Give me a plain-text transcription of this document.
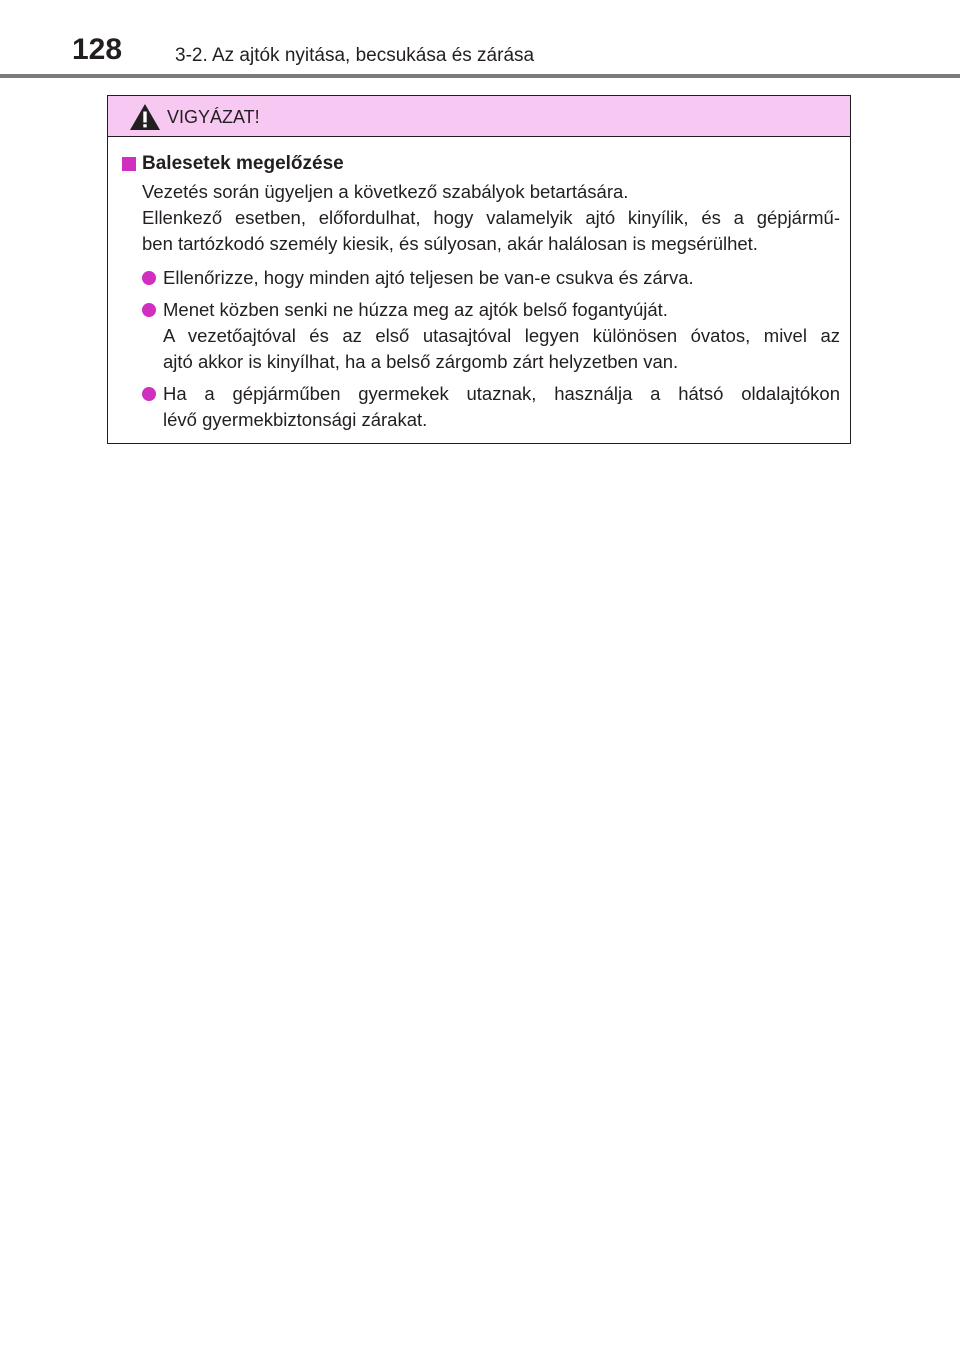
128	3-2. Az ajtók nyitása, becsukása és zárása
VIGYÁZAT!
Balesetek megelőzése
Vezetés során ügyeljen a következő szabályok betartására.
Ellenkező esetben, előfordulhat, hogy valamelyik ajtó kinyílik, és a gépjármű-
ben tartózkodó személy kiesik, és súlyosan, akár halálosan is megsérülhet.
Ellenőrizze, hogy minden ajtó teljesen be van-e csukva és zárva.
Menet közben senki ne húzza meg az ajtók belső fogantyúját.
A vezetőajtóval és az első utasajtóval legyen különösen óvatos, mivel az
ajtó akkor is kinyílhat, ha a belső zárgomb zárt helyzetben van.
Ha a gépjárműben gyermekek utaznak, használja a hátsó oldalajtókon
lévő gyermekbiztonsági zárakat.
